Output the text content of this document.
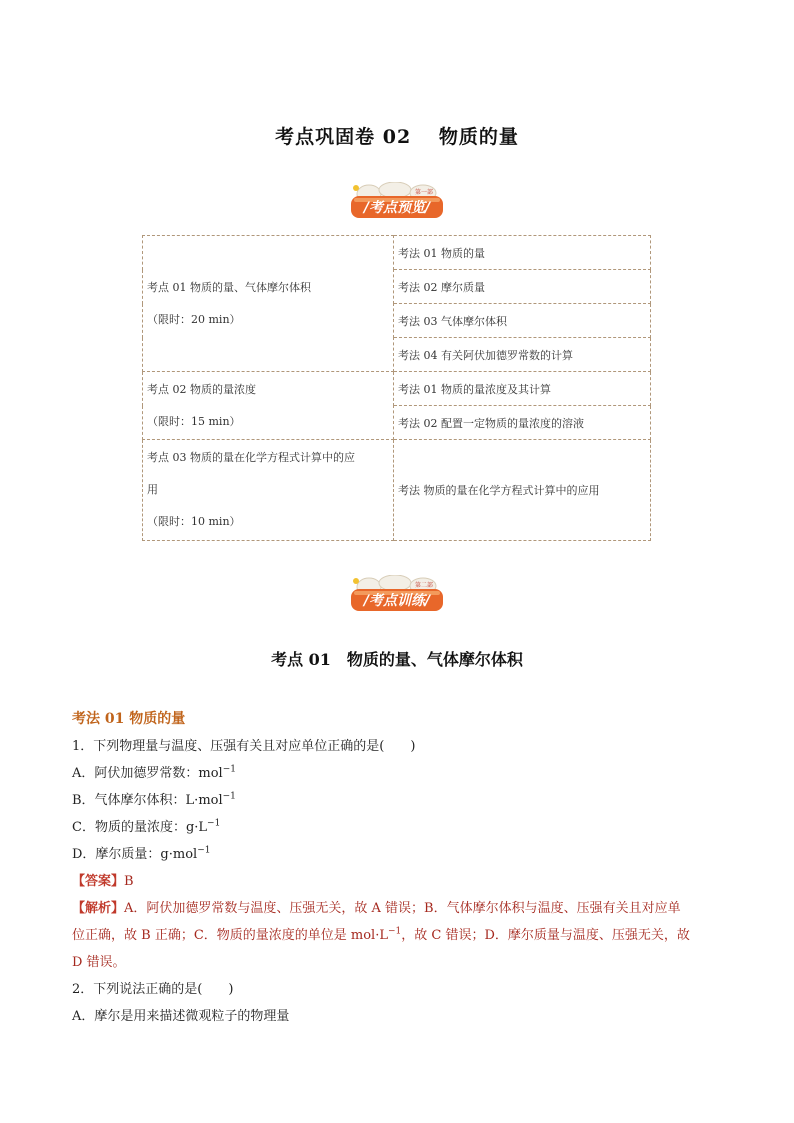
考点巩固卷 02　 物质的量
第一部
/考点预览/
考点 01 物质的量、气体摩尔体积
（限时：20 min）	考法 01 物质的量
	考法 02 摩尔质量
	考法 03 气体摩尔体积
	考法 04 有关阿伏加德罗常数的计算

考点 02 物质的量浓度
（限时：15 min）	考法 01 物质的量浓度及其计算
	考法 02 配置一定物质的量浓度的溶液

考点 03 物质的量在化学方程式计算中的应
用
（限时：10 min）	考法 物质的量在化学方程式计算中的应用
第二部
/考点训练/
考点 01　物质的量、气体摩尔体积
考法 01 物质的量
1．下列物理量与温度、压强有关且对应单位正确的是(　　)
A．阿伏加德罗常数：mol$^{-1}$
B．气体摩尔体积：L·mol$^{-1}$
C．物质的量浓度：$g\cdot L^{-1}$
D．摩尔质量：g·mol$^{-1}$
【答案】B
【解析】A．阿伏加德罗常数与温度、压强无关，故 A 错误；B．气体摩尔体积与温度、压强有关且对应单
位正确，故 B 正确；C．物质的量浓度的单位是 $mol\cdot L^{-1}$，故 C 错误；D．摩尔质量与温度、压强无关，故
D 错误。
2．下列说法正确的是(　　)
A．摩尔是用来描述微观粒子的物理量
